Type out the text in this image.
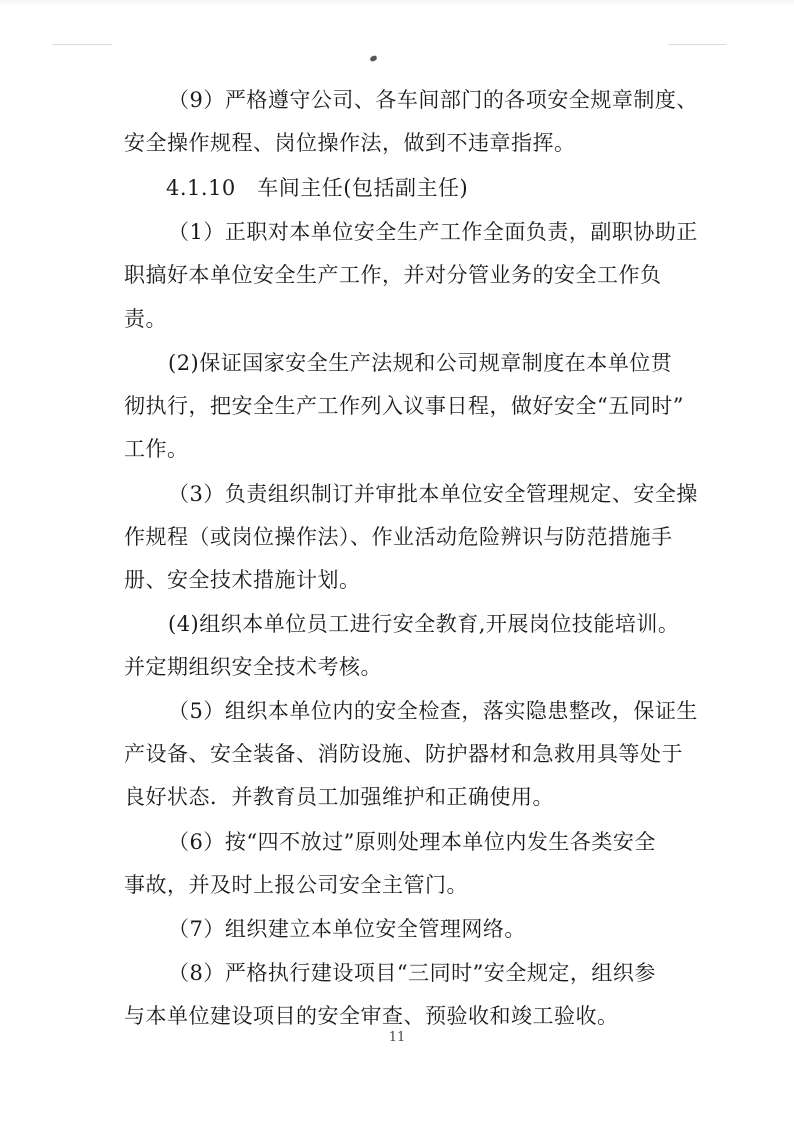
（9）严格遵守公司、各车间部门的各项安全规章制度、
安全操作规程、岗位操作法，做到不违章指挥。
4.1.10　车间主任(包括副主任)
（1）正职对本单位安全生产工作全面负责，副职协助正
职搞好本单位安全生产工作，并对分管业务的安全工作负
责。
(2)保证国家安全生产法规和公司规章制度在本单位贯
彻执行，把安全生产工作列入议事日程，做好安全“五同时”
工作。
（3）负责组织制订并审批本单位安全管理规定、安全操
作规程（或岗位操作法）、作业活动危险辨识与防范措施手
册、安全技术措施计划。
(4)组织本单位员工进行安全教育,开展岗位技能培训。
并定期组织安全技术考核。
（5）组织本单位内的安全检查，落实隐患整改，保证生
产设备、安全装备、消防设施、防护器材和急救用具等处于
良好状态．并教育员工加强维护和正确使用。
（6）按“四不放过”原则处理本单位内发生各类安全
事故，并及时上报公司安全主管门。
（7）组织建立本单位安全管理网络。
（8）严格执行建设项目“三同时”安全规定，组织参
与本单位建设项目的安全审查、预验收和竣工验收。
11
